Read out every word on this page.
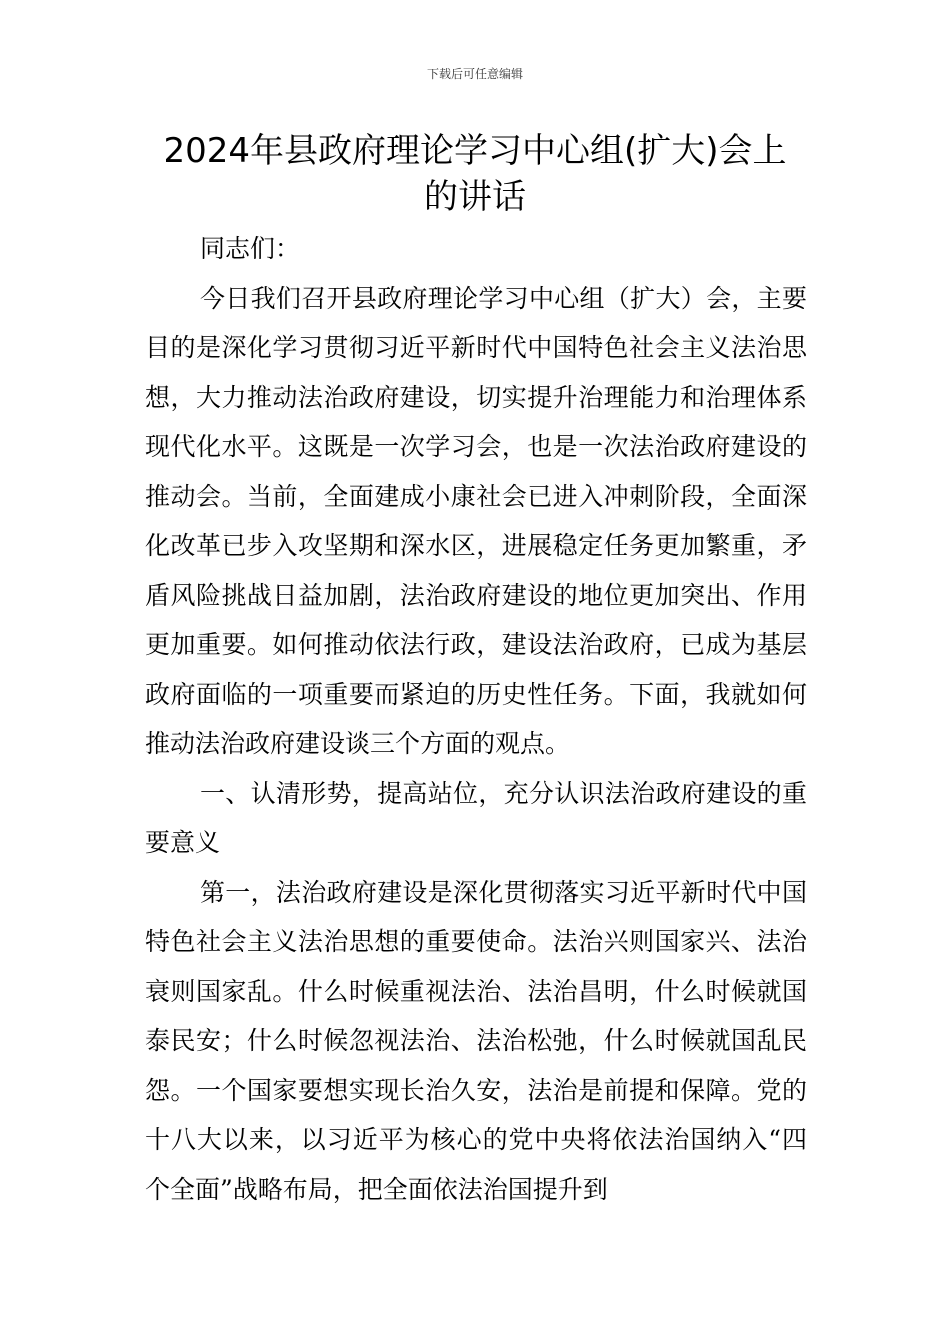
下载后可任意编辑
2024年县政府理论学习中心组(扩大)会上
的讲话

同志们：

今日我们召开县政府理论学习中心组（扩大）会，主要目的是深化学习贯彻习近平新时代中国特色社会主义法治思想，大力推动法治政府建设，切实提升治理能力和治理体系现代化水平。这既是一次学习会，也是一次法治政府建设的推动会。当前，全面建成小康社会已进入冲刺阶段，全面深化改革已步入攻坚期和深水区，进展稳定任务更加繁重，矛盾风险挑战日益加剧，法治政府建设的地位更加突出、作用更加重要。如何推动依法行政，建设法治政府，已成为基层政府面临的一项重要而紧迫的历史性任务。下面，我就如何推动法治政府建设谈三个方面的观点。

一、认清形势，提高站位，充分认识法治政府建设的重要意义

第一，法治政府建设是深化贯彻落实习近平新时代中国特色社会主义法治思想的重要使命。法治兴则国家兴、法治衰则国家乱。什么时候重视法治、法治昌明，什么时候就国泰民安；什么时候忽视法治、法治松弛，什么时候就国乱民怨。一个国家要想实现长治久安，法治是前提和保障。党的十八大以来，以习近平为核心的党中央将依法治国纳入“四个全面”战略布局，把全面依法治国提升到
